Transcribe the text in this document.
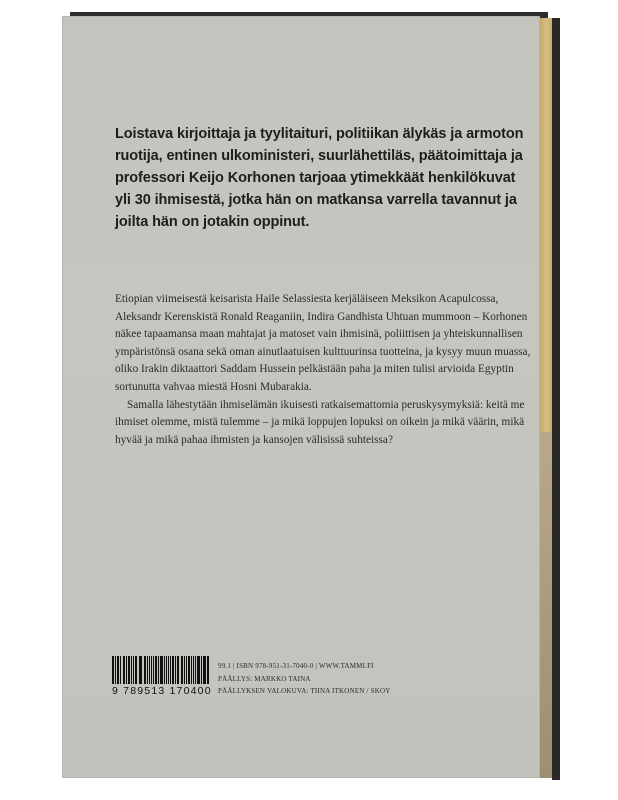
Loistava kirjoittaja ja tyylitaituri, politiikan älykäs ja armoton ruotija, entinen ulkoministeri, suurlähettiläs, päätoimittaja ja professori Keijo Korhonen tarjoaa ytimekkäät henkilökuvat yli 30 ihmisestä, jotka hän on matkansa varrella tavannut ja joilta hän on jotakin oppinut.

Etiopian viimeisestä keisarista Haile Selassiesta kerjäläiseen Meksikon Acapulcossa, Aleksandr Kerenskistä Ronald Reaganiin, Indira Gandhista Uhtuan mummoon – Korhonen näkee tapaamansa maan mahtajat ja matoset vain ihmisinä, poliittisen ja yhteiskunnallisen ympäristönsä osana sekä oman ainutlaatuisen kulttuurinsa tuotteina, ja kysyy muun muassa, oliko Irakin diktaattori Saddam Hussein pelkästään paha ja miten tulisi arvioida Egyptin sortunutta vahvaa miestä Hosni Mubarakia.

Samalla lähestytään ihmiselämän ikuisesti ratkaisemattomia peruskysymyksiä: keitä me ihmiset olemme, mistä tulemme – ja mikä loppujen lopuksi on oikein ja mikä väärin, mikä hyvää ja mikä pahaa ihmisten ja kansojen välisissä suhteissa?

9 789513 170400
99.1 | ISBN 978-951-31-7040-0 | WWW.TAMMI.FI
PÄÄLLYS: MARKKO TAINA
PÄÄLLYKSEN VALOKUVA: TIINA ITKONEN / SKOY
